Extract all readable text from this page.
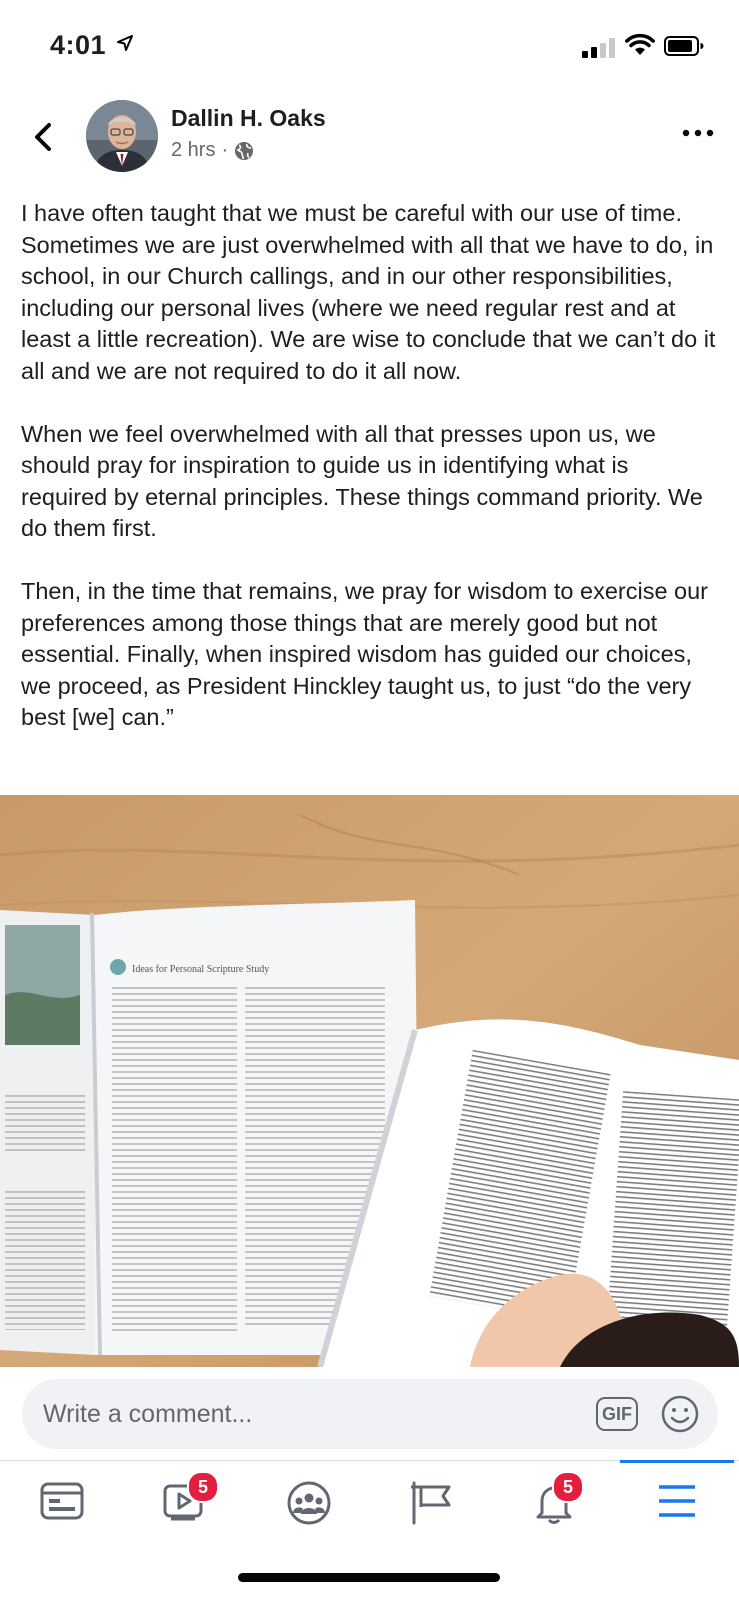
4:01
Dallin H. Oaks
2 hrs ·

I have often taught that we must be careful with our use of time. Sometimes we are just overwhelmed with all that we have to do, in school, in our Church callings, and in our other responsibilities, including our personal lives (where we need regular rest and at least a little recreation). We are wise to conclude that we can’t do it all and we are not required to do it all now.

When we feel overwhelmed with all that presses upon us, we should pray for inspiration to guide us in identifying what is required by eternal principles. These things command priority. We do them first.

Then, in the time that remains, we pray for wisdom to exercise our preferences among those things that are merely good but not essential. Finally, when inspired wisdom has guided our choices, we proceed, as President Hinckley taught us, to just “do the very best [we] can.”

Ideas for Personal Scripture Study
Write a comment...
GIF
5	5
